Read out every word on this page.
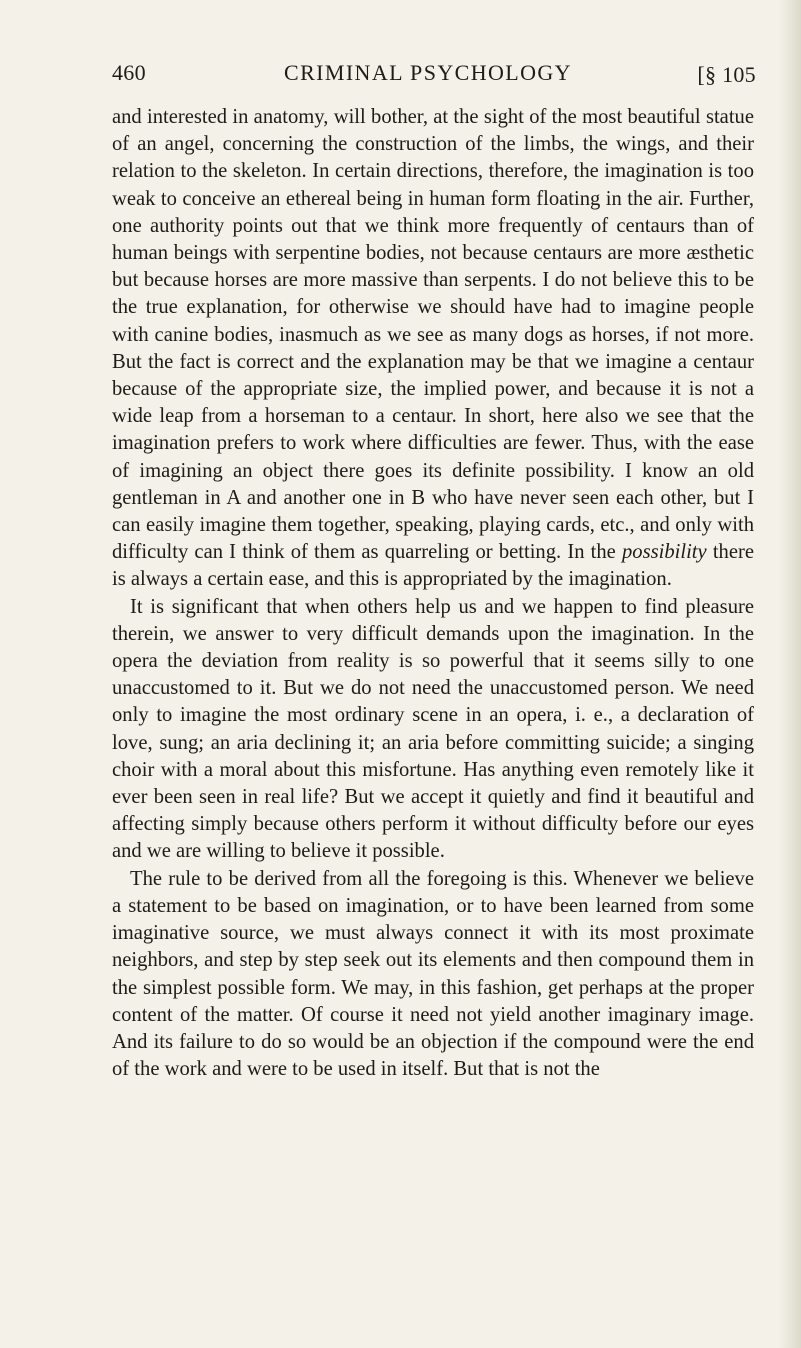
460	CRIMINAL PSYCHOLOGY	[§ 105

and interested in anatomy, will bother, at the sight of the most beautiful statue of an angel, concerning the construction of the limbs, the wings, and their relation to the skeleton. In certain directions, therefore, the imagination is too weak to conceive an ethereal being in human form floating in the air. Further, one authority points out that we think more frequently of centaurs than of human beings with serpentine bodies, not because centaurs are more æsthetic but because horses are more massive than serpents. I do not believe this to be the true explanation, for otherwise we should have had to imagine people with canine bodies, inasmuch as we see as many dogs as horses, if not more. But the fact is correct and the explanation may be that we imagine a centaur because of the appropriate size, the implied power, and because it is not a wide leap from a horseman to a centaur. In short, here also we see that the imagination prefers to work where difficulties are fewer. Thus, with the ease of imagining an object there goes its definite possibility. I know an old gentleman in A and another one in B who have never seen each other, but I can easily imagine them together, speaking, playing cards, etc., and only with difficulty can I think of them as quarreling or betting. In the possibility there is always a certain ease, and this is appropriated by the imagination.

It is significant that when others help us and we happen to find pleasure therein, we answer to very difficult demands upon the imagination. In the opera the deviation from reality is so powerful that it seems silly to one unaccustomed to it. But we do not need the unaccustomed person. We need only to imagine the most ordinary scene in an opera, i. e., a declaration of love, sung; an aria declining it; an aria before committing suicide; a singing choir with a moral about this misfortune. Has anything even remotely like it ever been seen in real life? But we accept it quietly and find it beautiful and affecting simply because others perform it without difficulty before our eyes and we are willing to believe it possible.

The rule to be derived from all the foregoing is this. Whenever we believe a statement to be based on imagination, or to have been learned from some imaginative source, we must always connect it with its most proximate neighbors, and step by step seek out its elements and then compound them in the simplest possible form. We may, in this fashion, get perhaps at the proper content of the matter. Of course it need not yield another imaginary image. And its failure to do so would be an objection if the compound were the end of the work and were to be used in itself. But that is not the
